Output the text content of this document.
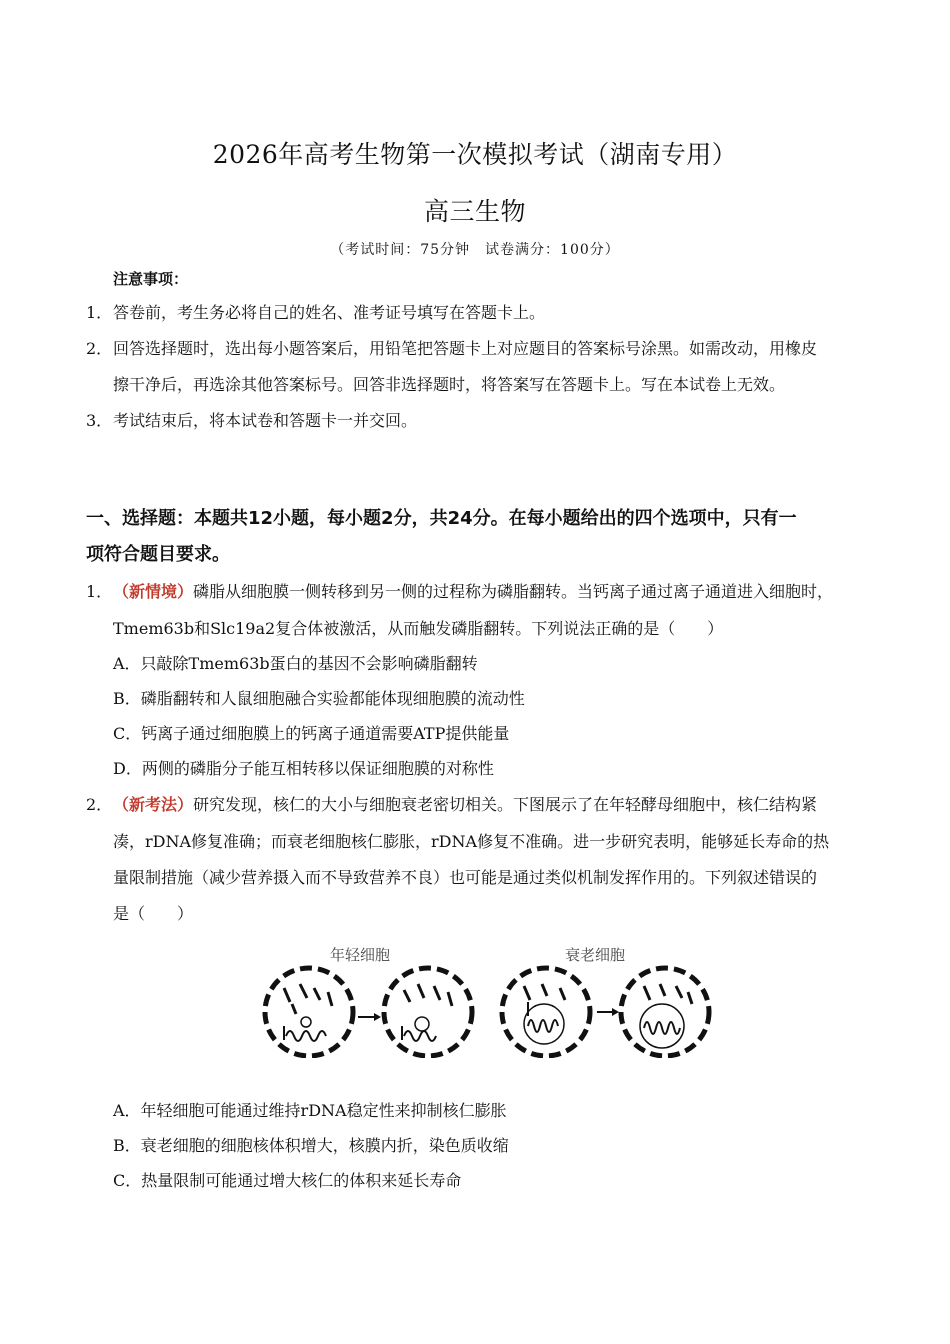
2026年高考生物第一次模拟考试（湖南专用）
高三生物
（考试时间：75分钟　试卷满分：100分）
注意事项：
1． 答卷前，考生务必将自己的姓名、准考证号填写在答题卡上。
2． 回答选择题时，选出每小题答案后，用铅笔把答题卡上对应题目的答案标号涂黑。如需改动，用橡皮
擦干净后，再选涂其他答案标号。回答非选择题时，将答案写在答题卡上。写在本试卷上无效。
3． 考试结束后，将本试卷和答题卡一并交回。
一、选择题：本题共12小题，每小题2分，共24分。在每小题给出的四个选项中，只有一
项符合题目要求。
1． （新情境）磷脂从细胞膜一侧转移到另一侧的过程称为磷脂翻转。当钙离子通过离子通道进入细胞时，
Tmem63b和Slc19a2复合体被激活，从而触发磷脂翻转。下列说法正确的是（　　）
A．只敲除Tmem63b蛋白的基因不会影响磷脂翻转
B．磷脂翻转和人鼠细胞融合实验都能体现细胞膜的流动性
C．钙离子通过细胞膜上的钙离子通道需要ATP提供能量
D．两侧的磷脂分子能互相转移以保证细胞膜的对称性
2． （新考法）研究发现，核仁的大小与细胞衰老密切相关。下图展示了在年轻酵母细胞中，核仁结构紧
凑，rDNA修复准确；而衰老细胞核仁膨胀，rDNA修复不准确。进一步研究表明，能够延长寿命的热
量限制措施（减少营养摄入而不导致营养不良）也可能是通过类似机制发挥作用的。下列叙述错误的
是（　　）
年轻细胞	衰老细胞
A．年轻细胞可能通过维持rDNA稳定性来抑制核仁膨胀
B．衰老细胞的细胞核体积增大，核膜内折，染色质收缩
C．热量限制可能通过增大核仁的体积来延长寿命
